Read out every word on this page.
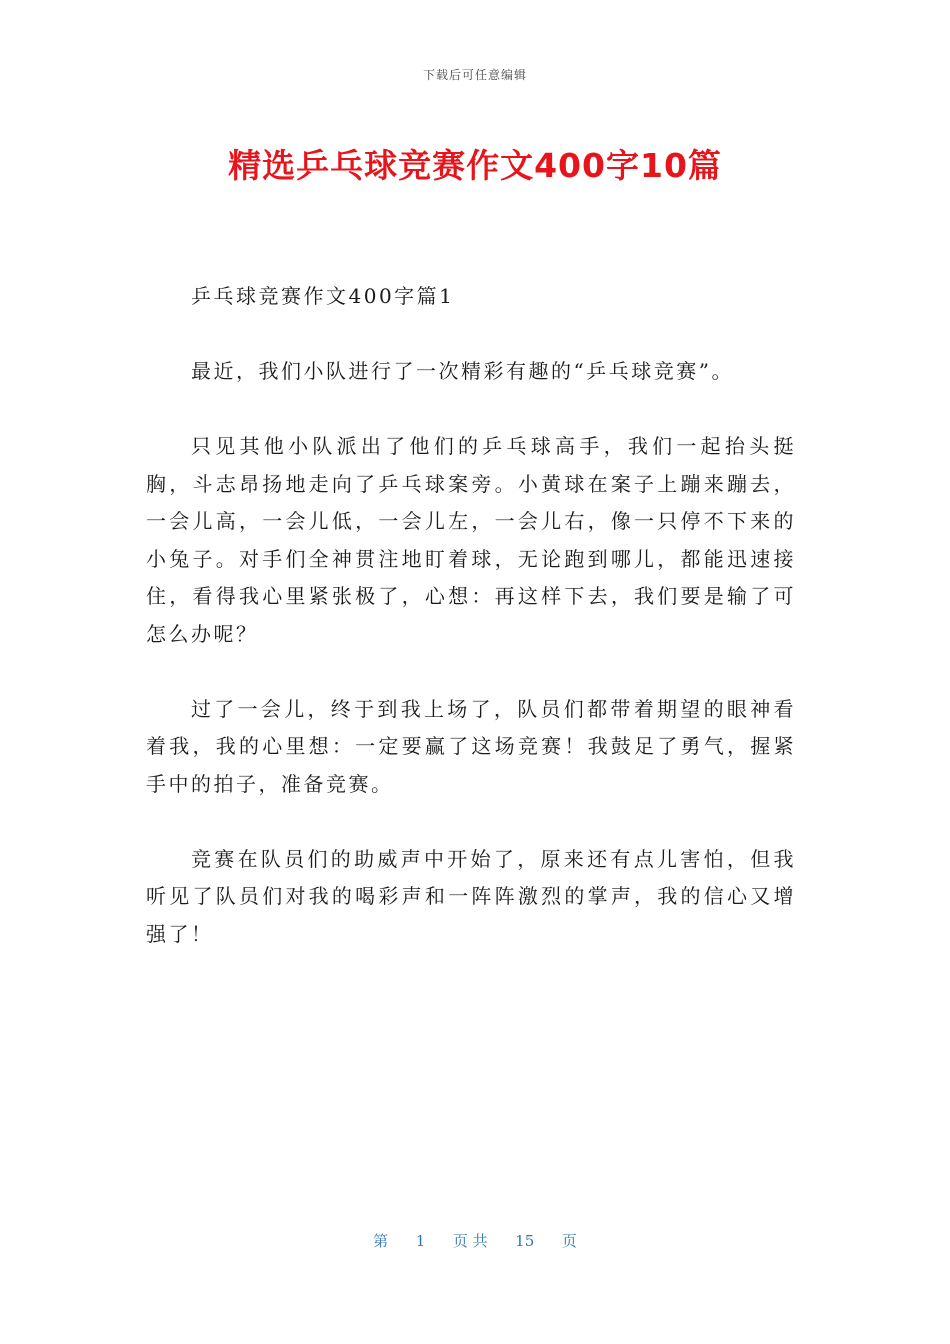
下载后可任意编辑
精选乒乓球竞赛作文400字10篇

乒乓球竞赛作文400字篇1

最近，我们小队进行了一次精彩有趣的“乒乓球竞赛”。

只见其他小队派出了他们的乒乓球高手，我们一起抬头挺胸，斗志昂扬地走向了乒乓球案旁。小黄球在案子上蹦来蹦去，一会儿高，一会儿低，一会儿左，一会儿右，像一只停不下来的小兔子。对手们全神贯注地盯着球，无论跑到哪儿，都能迅速接住，看得我心里紧张极了，心想：再这样下去，我们要是输了可怎么办呢？

过了一会儿，终于到我上场了，队员们都带着期望的眼神看着我，我的心里想：一定要赢了这场竞赛！我鼓足了勇气，握紧手中的拍子，准备竞赛。

竞赛在队员们的助威声中开始了，原来还有点儿害怕，但我听见了队员们对我的喝彩声和一阵阵激烈的掌声，我的信心又增强了！

第 1 页 共 15 页
